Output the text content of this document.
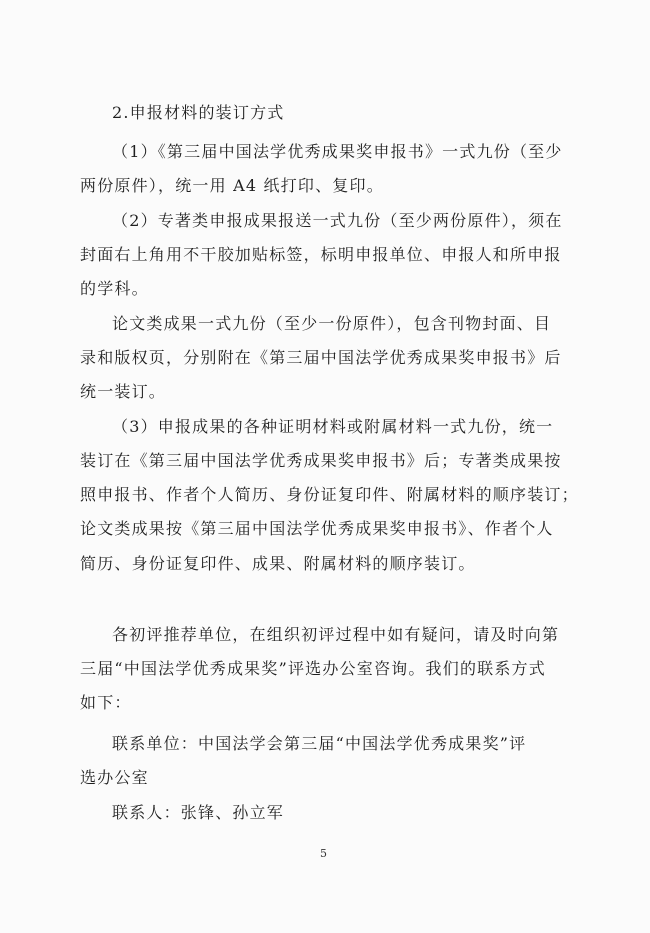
2.申报材料的装订方式
（1）《第三届中国法学优秀成果奖申报书》一式九份（至少
两份原件），统一用 A4 纸打印、复印。
（2）专著类申报成果报送一式九份（至少两份原件），须在
封面右上角用不干胶加贴标签，标明申报单位、申报人和所申报
的学科。
论文类成果一式九份（至少一份原件），包含刊物封面、目
录和版权页，分别附在《第三届中国法学优秀成果奖申报书》后
统一装订。
（3）申报成果的各种证明材料或附属材料一式九份，统一
装订在《第三届中国法学优秀成果奖申报书》后；专著类成果按
照申报书、作者个人简历、身份证复印件、附属材料的顺序装订；
论文类成果按《第三届中国法学优秀成果奖申报书》、作者个人
简历、身份证复印件、成果、附属材料的顺序装订。
各初评推荐单位，在组织初评过程中如有疑问，请及时向第
三届“中国法学优秀成果奖”评选办公室咨询。我们的联系方式
如下：
联系单位：中国法学会第三届“中国法学优秀成果奖”评
选办公室
联系人：张锋、孙立军
5
